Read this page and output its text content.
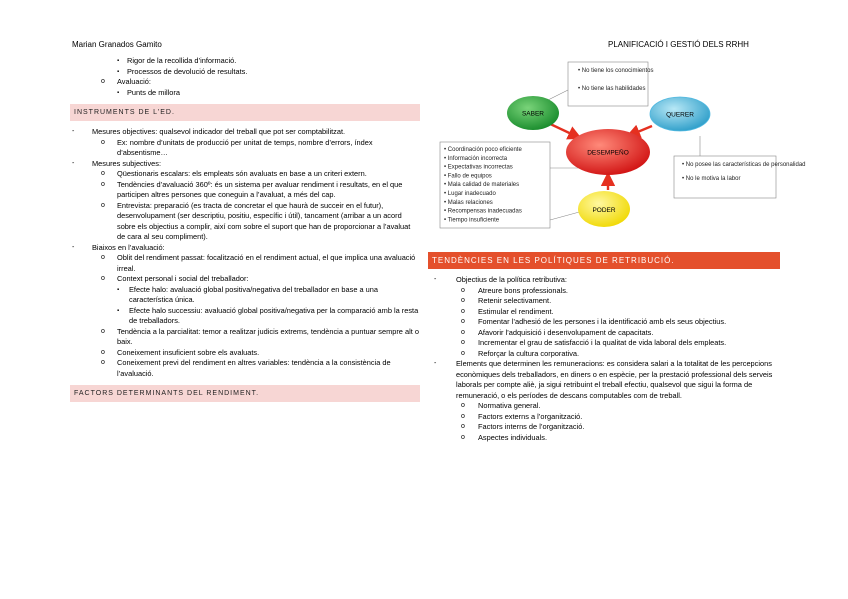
Marian Granados Gamito	PLANIFICACIÓ I GESTIÓ DELS RRHH
▪ Rigor de la recollida d’informació.
▪ Processos de devolució de resultats.
o Avaluació:
▪ Punts de millora
INSTRUMENTS DE L’ED.
- Mesures objectives: qualsevol indicador del treball que pot ser comptabilitzat.
o Ex: nombre d’unitats de producció per unitat de temps, nombre d’errors, índex d’absentisme…
- Mesures subjectives:
o Qüestionaris escalars: els empleats són avaluats en base a un criteri extern.
o Tendències d’avaluació 360º: és un sistema per avaluar rendiment i resultats, en el que participen altres persones que coneguin a l’avaluat, a més del cap.
o Entrevista: preparació (es tracta de concretar el que haurà de succeir en el futur), desenvolupament (ser descriptiu, positiu, específic i útil), tancament (arribar a un acord sobre els objectius a complir, així com sobre el suport que han de proporcionar a l’avaluat de cara al seu compliment).
- Biaixos en l’avaluació:
o Oblit del rendiment passat: focalització en el rendiment actual, el que implica una avaluació irreal.
o Context personal i social del treballador:
▪ Efecte halo: avaluació global positiva/negativa del treballador en base a una característica única.
▪ Efecte halo successiu: avaluació global positiva/negativa per la comparació amb la resta de treballadors.
o Tendència a la parcialitat: temor a realitzar judicis extrems, tendència a puntuar sempre alt o baix.
o Coneixement insuficient sobre els avaluats.
o Coneixement previ del rendiment en altres variables: tendència a la consistència de l’avaluació.
FACTORS DETERMINANTS DEL RENDIMENT.
SABER	QUERER
DESEMPEÑO
PODER
• No tiene los conocimientos
• No tiene las habilidades
• No posee las características de personalidad
• No le motiva la labor
• Coordinación poco eficiente
• Información incorrecta
• Expectativas incorrectas
• Fallo de equipos
• Mala calidad de materiales
• Lugar inadecuado
• Malas relaciones
• Recompensas inadecuadas
• Tiempo insuficiente
TENDÈNCIES EN LES POLÍTIQUES DE RETRIBUCIÓ.
-	Objectius de la política retributiva:
o Atreure bons professionals.
o Retenir selectivament.
o Estimular el rendiment.
o Fomentar l’adhesió de les persones i la identificació amb els seus objectius.
o Afavorir l’adquisició i desenvolupament de capacitats.
o Incrementar el grau de satisfacció i la qualitat de vida laboral dels empleats.
o Reforçar la cultura corporativa.
-	Elements que determinen les remuneracions: es considera salari a la totalitat de les percepcions econòmiques dels treballadors, en diners o en espècie, per la prestació professional dels serveis laborals per compte aliè, ja sigui retribuint el treball efectiu, qualsevol que sigui la forma de remuneració, o els períodes de descans computables com de treball.
o Normativa general.
o Factors externs a l’organització.
o Factors interns de l’organització.
o Aspectes individuals.
